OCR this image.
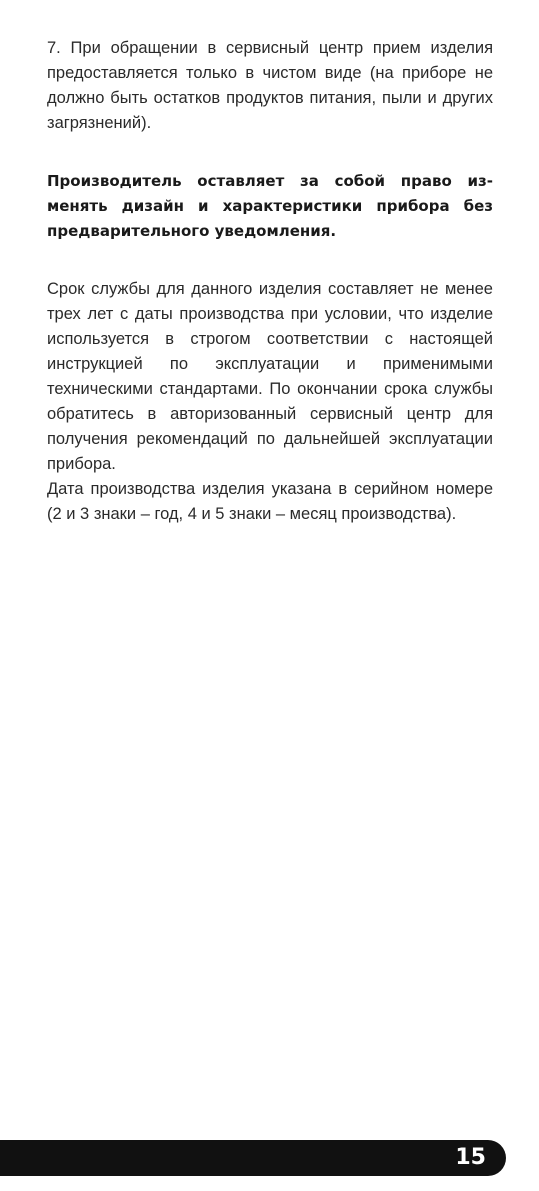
7. При обращении в сервисный центр прием изделия предоставляется только в чистом виде (на приборе не должно быть остатков продуктов питания, пыли и других загрязнений).

Производитель оставляет за собой право изменять дизайн и характеристики прибора без предварительного уведомления.

Срок службы для данного изделия составляет не менее трех лет с даты производства при условии, что изделие используется в строгом соответствии с настоящей инструкцией по эксплуатации и применимыми техническими стандартами. По окончании срока службы обратитесь в авторизованный сервисный центр для получения рекомендаций по дальнейшей эксплуатации прибора.

Дата производства изделия указана в серийном номере (2 и 3 знаки – год, 4 и 5 знаки – месяц производства).

15
